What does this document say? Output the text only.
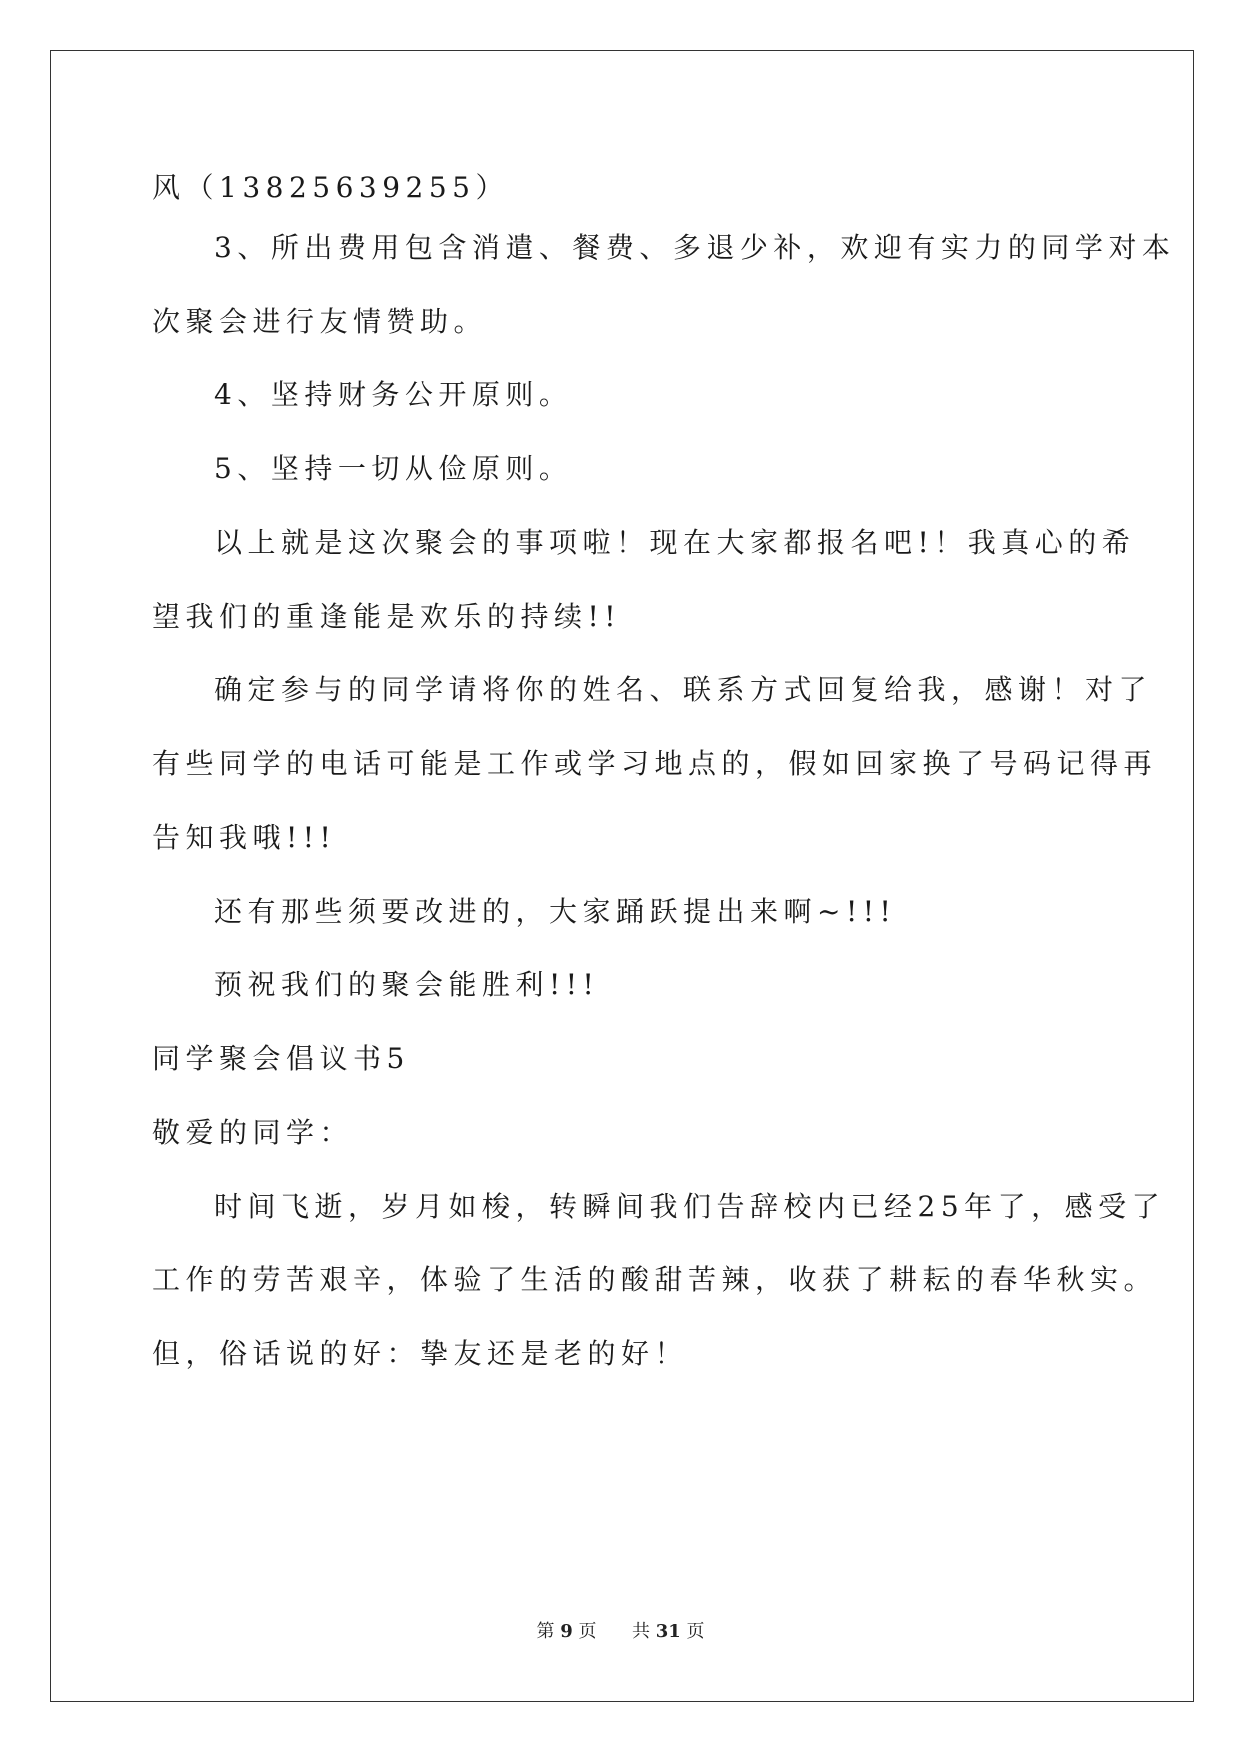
风（13825639255）
3、所出费用包含消遣、餐费、多退少补，欢迎有实力的同学对本
次聚会进行友情赞助。
4、坚持财务公开原则。
5、坚持一切从俭原则。
以上就是这次聚会的事项啦！现在大家都报名吧!！我真心的希
望我们的重逢能是欢乐的持续!!
确定参与的同学请将你的姓名、联系方式回复给我，感谢！对了
有些同学的电话可能是工作或学习地点的，假如回家换了号码记得再
告知我哦!!!
还有那些须要改进的，大家踊跃提出来啊~!!!
预祝我们的聚会能胜利!!!
同学聚会倡议书5
敬爱的同学：
时间飞逝，岁月如梭，转瞬间我们告辞校内已经25年了，感受了
工作的劳苦艰辛，体验了生活的酸甜苦辣，收获了耕耘的春华秋实。
但，俗话说的好：挚友还是老的好！
第 9 页 共 31 页
